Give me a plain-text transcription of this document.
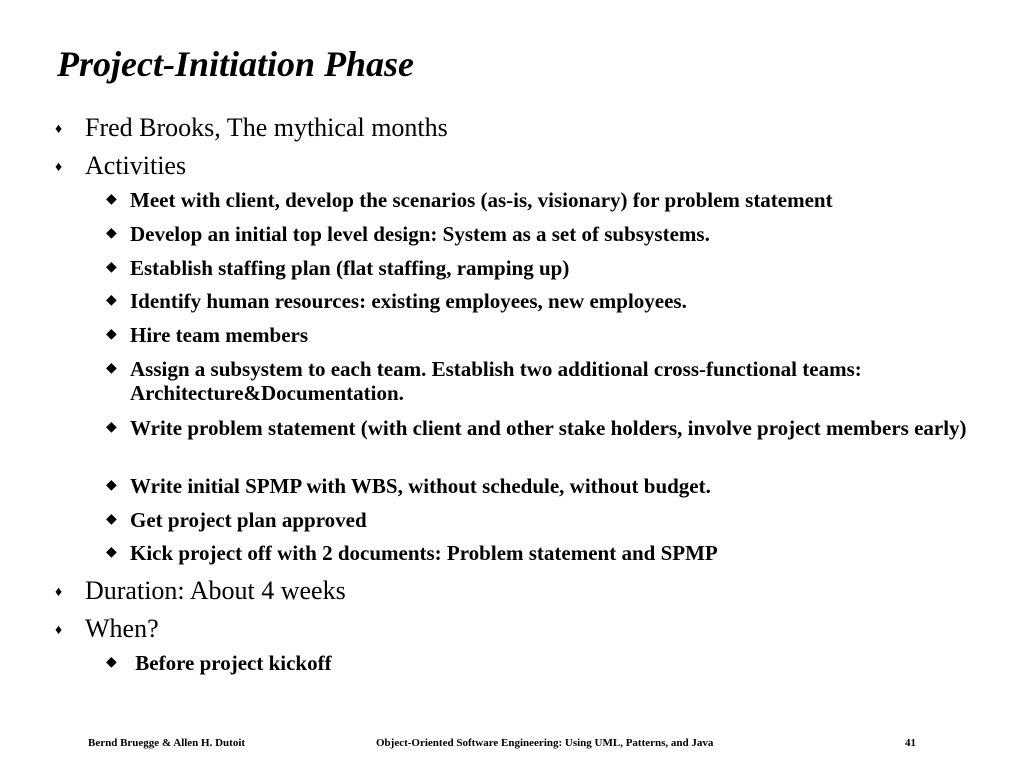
Project-Initiation Phase
♦ Fred Brooks, The mythical months
♦ Activities
◆ Meet with client, develop the scenarios (as-is, visionary) for problem statement
◆ Develop an initial top level design: System as a set of subsystems.
◆ Establish staffing plan (flat staffing, ramping up)
◆ Identify human resources: existing employees, new employees.
◆ Hire team members
◆ Assign a subsystem to each team. Establish two additional cross-functional teams: Architecture&Documentation.
◆ Write problem statement (with client and other stake holders, involve project members early)
◆ Write initial SPMP with WBS, without schedule, without budget.
◆ Get project plan approved
◆ Kick project off with 2 documents: Problem statement and SPMP
♦ Duration: About 4 weeks
♦ When?
◆ Before project kickoff
Bernd Bruegge & Allen H. Dutoit	Object-Oriented Software Engineering: Using UML, Patterns, and Java	41
